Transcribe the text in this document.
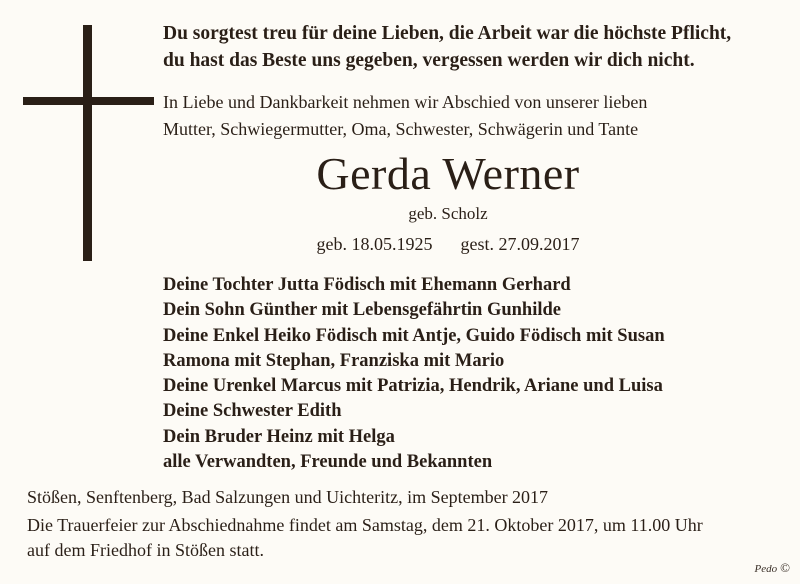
Du sorgtest treu für deine Lieben, die Arbeit war die höchste Pflicht,
du hast das Beste uns gegeben, vergessen werden wir dich nicht.
In Liebe und Dankbarkeit nehmen wir Abschied von unserer lieben
Mutter, Schwiegermutter, Oma, Schwester, Schwägerin und Tante
Gerda Werner
geb. Scholz
geb. 18.05.1925 gest. 27.09.2017
Deine Tochter Jutta Födisch mit Ehemann Gerhard
Dein Sohn Günther mit Lebensgefährtin Gunhilde
Deine Enkel Heiko Födisch mit Antje, Guido Födisch mit Susan
Ramona mit Stephan, Franziska mit Mario
Deine Urenkel Marcus mit Patrizia, Hendrik, Ariane und Luisa
Deine Schwester Edith
Dein Bruder Heinz mit Helga
alle Verwandten, Freunde und Bekannten
Stößen, Senftenberg, Bad Salzungen und Uichteritz, im September 2017
Die Trauerfeier zur Abschiednahme findet am Samstag, dem 21. Oktober 2017, um 11.00 Uhr
auf dem Friedhof in Stößen statt.
Pedo ©
